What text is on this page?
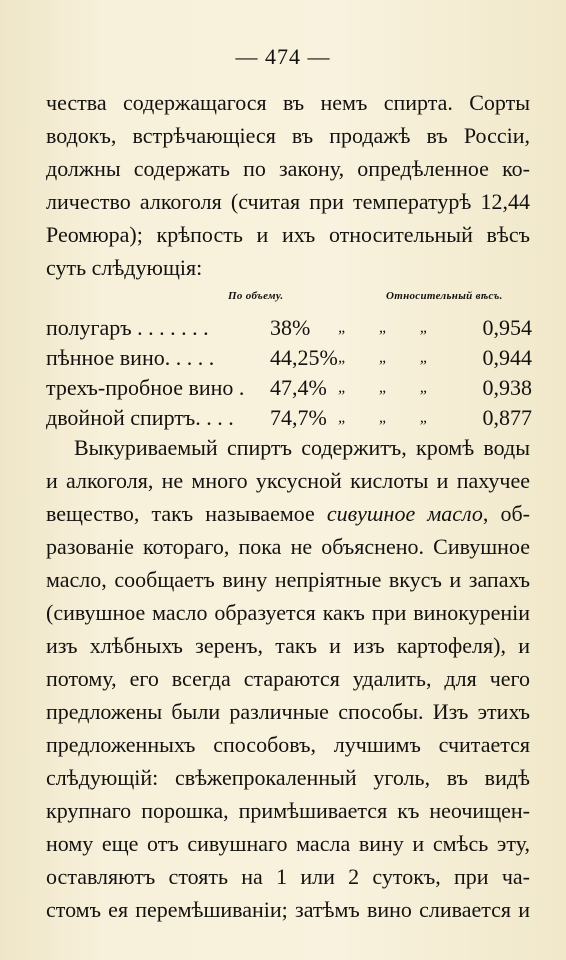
— 474 —
чества содержащагося въ немъ спирта. Сорты
водокъ, встрѣчающіеся въ продажѣ въ Россіи,
должны содержать по закону, опредѣленное ко-
личество алкоголя (считая при температурѣ 12,44
Реомюра); крѣпость и ихъ относительный вѣсъ
суть слѣдующія:
По объему.	Относительный вѣсъ.
полугаръ . . . . . . .	38% „ „ „ 0,954
пѣнное вино. . . . .	44,25% „ „ „ 0,944
трехъ-пробное вино . 47,4% „ „ „ 0,938
двойной спиртъ. . . . 74,7% „ „ „ 0,877
Выкуриваемый спиртъ содержитъ, кромѣ воды
и алкоголя, не много уксусной кислоты и пахучее
вещество, такъ называемое сивушное масло, об-
разованіе котораго, пока не объяснено. Сивушное
масло, сообщаетъ вину непріятные вкусъ и запахъ
(сивушное масло образуется какъ при винокуреніи
изъ хлѣбныхъ зеренъ, такъ и изъ картофеля), и
потому, его всегда стараются удалить, для чего
предложены были различные способы. Изъ этихъ
предложенныхъ способовъ, лучшимъ считается
слѣдующій: свѣжепрокаленный уголь, въ видѣ
крупнаго порошка, примѣшивается къ неочищен-
ному еще отъ сивушнаго масла вину и смѣсь эту,
оставляютъ стоять на 1 или 2 сутокъ, при ча-
стомъ ея перемѣшиваніи; затѣмъ вино сливается и
